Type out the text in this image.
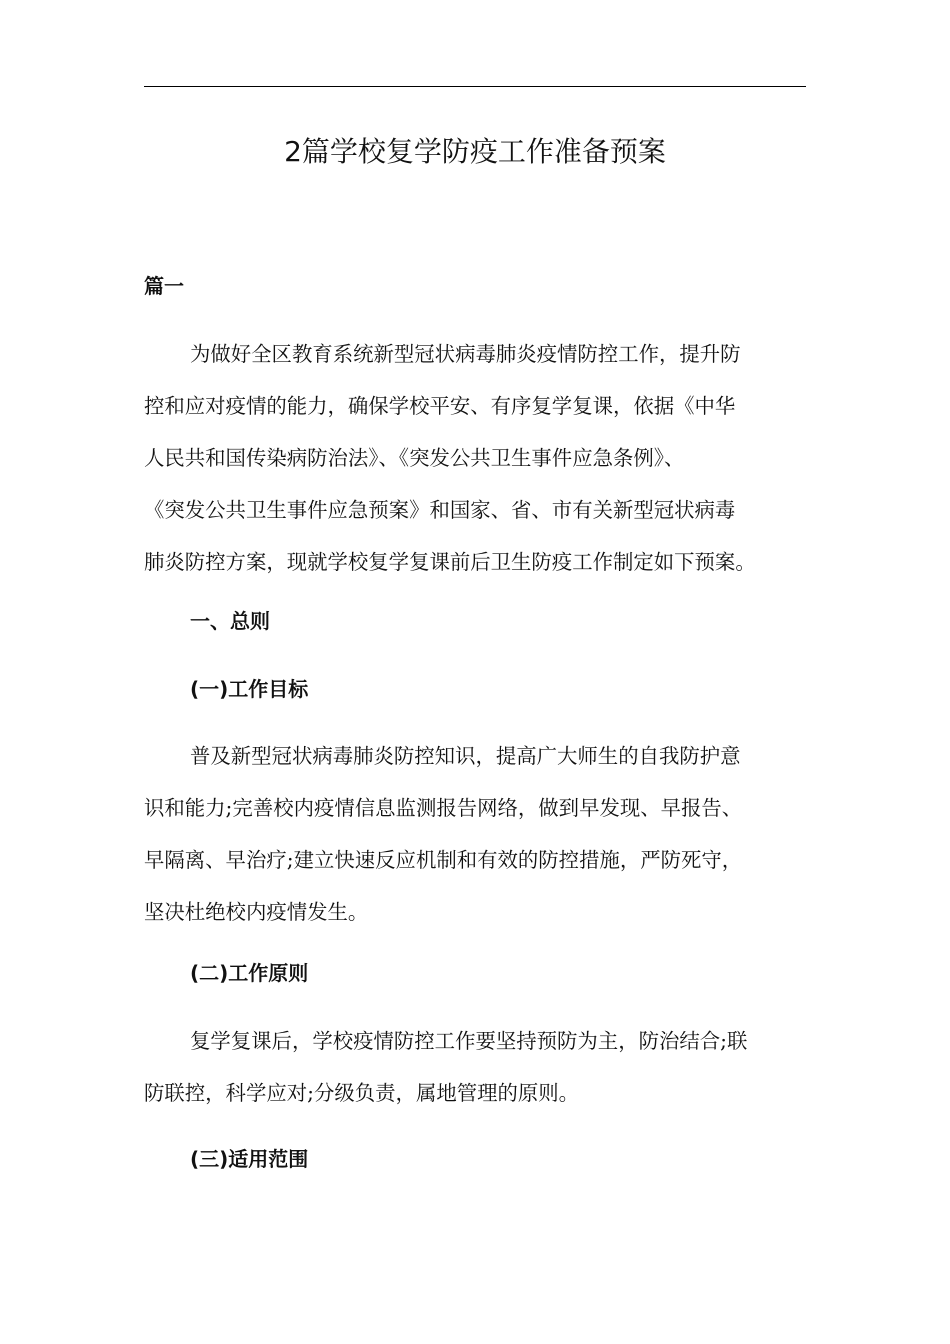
2篇学校复学防疫工作准备预案
篇一
为做好全区教育系统新型冠状病毒肺炎疫情防控工作，提升防
控和应对疫情的能力，确保学校平安、有序复学复课，依据《中华
人民共和国传染病防治法》、《突发公共卫生事件应急条例》、
《突发公共卫生事件应急预案》和国家、省、市有关新型冠状病毒
肺炎防控方案，现就学校复学复课前后卫生防疫工作制定如下预案。
一、总则
(一)工作目标
普及新型冠状病毒肺炎防控知识，提高广大师生的自我防护意
识和能力;完善校内疫情信息监测报告网络，做到早发现、早报告、
早隔离、早治疗;建立快速反应机制和有效的防控措施，严防死守，
坚决杜绝校内疫情发生。
(二)工作原则
复学复课后，学校疫情防控工作要坚持预防为主，防治结合;联
防联控，科学应对;分级负责，属地管理的原则。
(三)适用范围
